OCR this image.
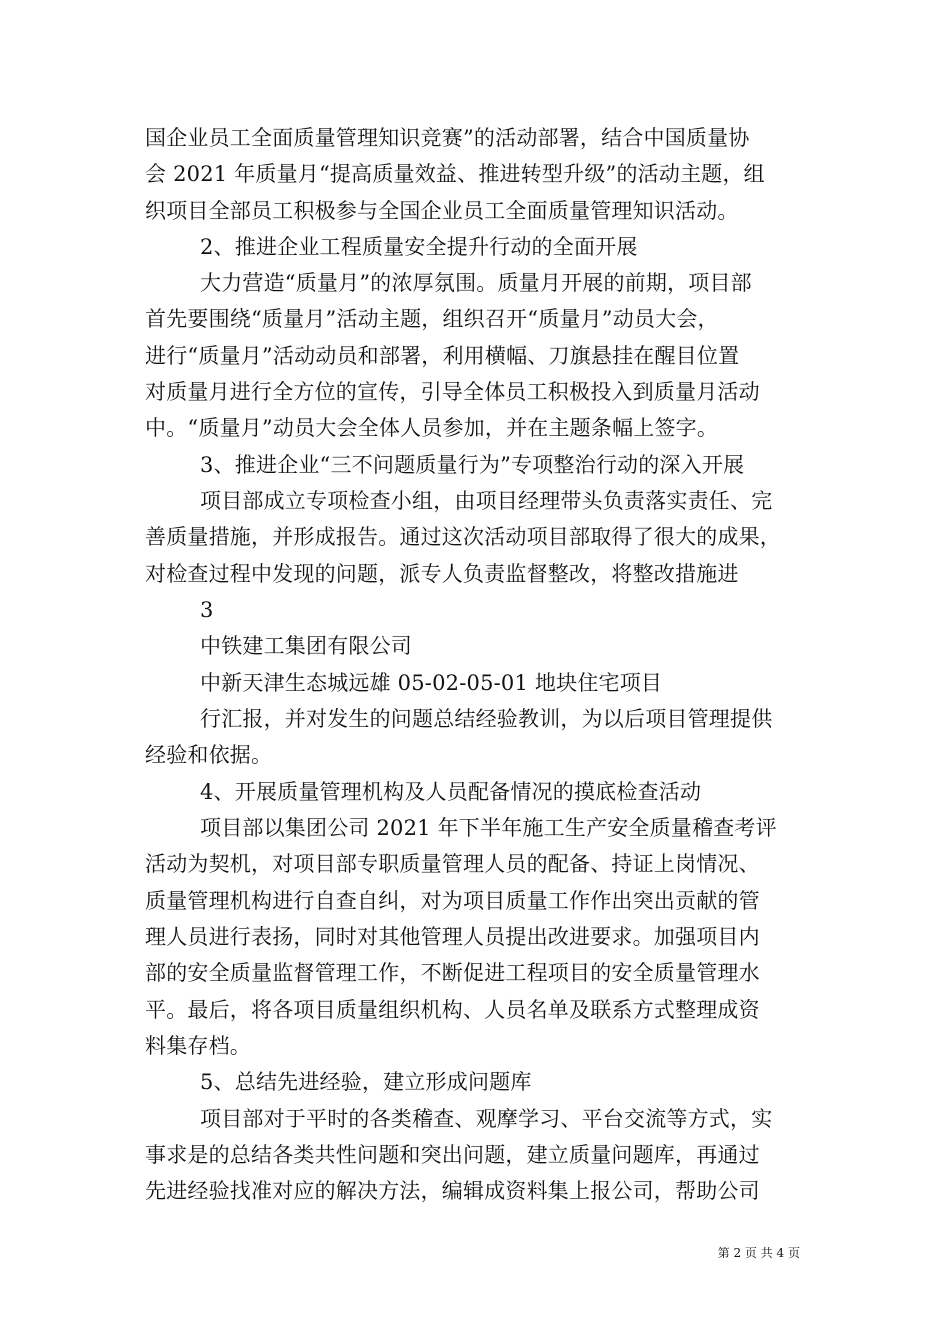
国企业员工全面质量管理知识竞赛”的活动部署，结合中国质量协
会 2021 年质量月“提高质量效益、推进转型升级”的活动主题，组
织项目全部员工积极参与全国企业员工全面质量管理知识活动。
2、推进企业工程质量安全提升行动的全面开展
大力营造“质量月”的浓厚氛围。质量月开展的前期，项目部
首先要围绕“质量月”活动主题，组织召开“质量月”动员大会，
进行“质量月”活动动员和部署，利用横幅、刀旗悬挂在醒目位置
对质量月进行全方位的宣传，引导全体员工积极投入到质量月活动
中。“质量月”动员大会全体人员参加，并在主题条幅上签字。
3、推进企业“三不问题质量行为”专项整治行动的深入开展
项目部成立专项检查小组，由项目经理带头负责落实责任、完
善质量措施，并形成报告。通过这次活动项目部取得了很大的成果，
对检查过程中发现的问题，派专人负责监督整改，将整改措施进
3
中铁建工集团有限公司
中新天津生态城远雄 05-02-05-01 地块住宅项目
行汇报，并对发生的问题总结经验教训，为以后项目管理提供
经验和依据。
4、开展质量管理机构及人员配备情况的摸底检查活动
项目部以集团公司 2021 年下半年施工生产安全质量稽查考评
活动为契机，对项目部专职质量管理人员的配备、持证上岗情况、
质量管理机构进行自查自纠，对为项目质量工作作出突出贡献的管
理人员进行表扬，同时对其他管理人员提出改进要求。加强项目内
部的安全质量监督管理工作，不断促进工程项目的安全质量管理水
平。最后，将各项目质量组织机构、人员名单及联系方式整理成资
料集存档。
5、总结先进经验，建立形成问题库
项目部对于平时的各类稽查、观摩学习、平台交流等方式，实
事求是的总结各类共性问题和突出问题，建立质量问题库，再通过
先进经验找准对应的解决方法，编辑成资料集上报公司，帮助公司
第 2 页 共 4 页
